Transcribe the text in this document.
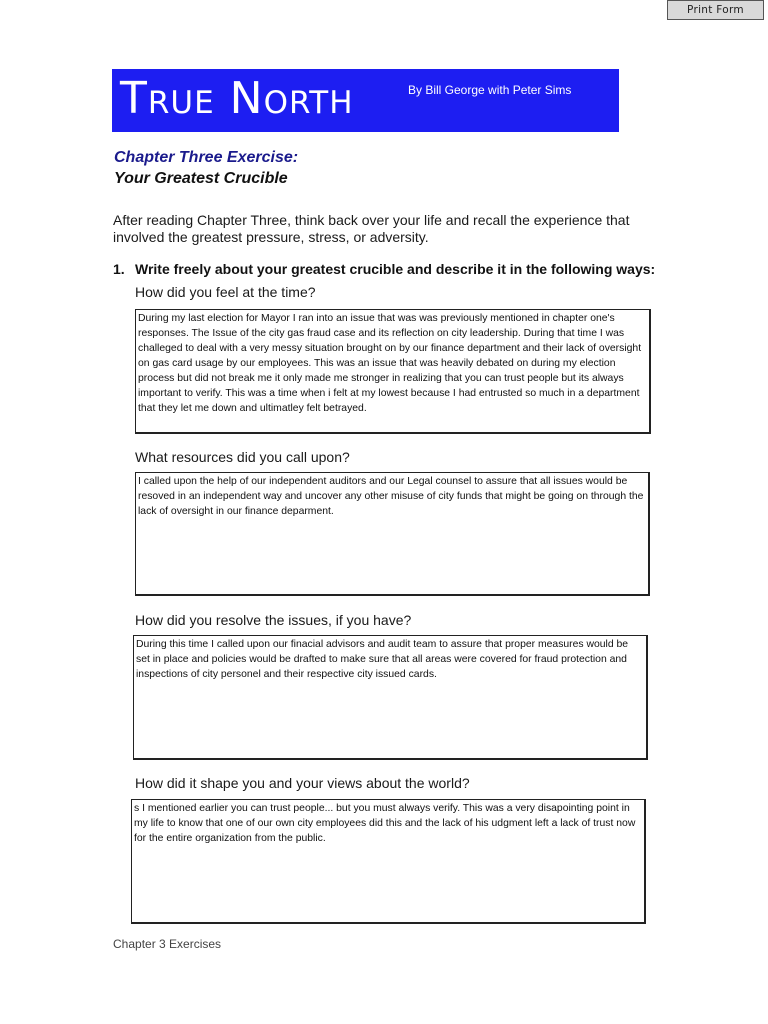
Print Form
True North	By Bill George with Peter Sims
Chapter Three Exercise:
Your Greatest Crucible
After reading Chapter Three, think back over your life and recall the experience that involved the greatest pressure, stress, or adversity.
1. Write freely about your greatest crucible and describe it in the following ways:
How did you feel at the time?
During my last election for Mayor I ran into an issue that was was previously mentioned in chapter one's responses. The Issue of the city gas fraud case and its reflection on city leadership. During that time I was challeged to deal with a very messy situation brought on by our finance department and their lack of oversight on gas card usage by our employees. This was an issue that was heavily debated on during my election process but did not break me it only made me stronger in realizing that you can trust people but its always important to verify. This was a time when i felt at my lowest because I had entrusted so much in a department that they let me down and ultimatley felt betrayed.
What resources did you call upon?
I called upon the help of our independent auditors and our Legal counsel to assure that all issues would be resoved in an independent way and uncover any other misuse of city funds that might be going on through the lack of oversight in our finance deparment.
How did you resolve the issues, if you have?
During this time I called upon our finacial advisors and audit team to assure that proper measures would be set in place and policies would be drafted to make sure that all areas were covered for fraud protection and inspections of city personel and their respective city issued cards.
How did it shape you and your views about the world?
s I mentioned earlier you can trust people... but you must always verify. This was a very disapointing point in my life to know that one of our own city employees did this and the lack of his udgment left a lack of trust now for the entire organization from the public.
Chapter 3 Exercises
